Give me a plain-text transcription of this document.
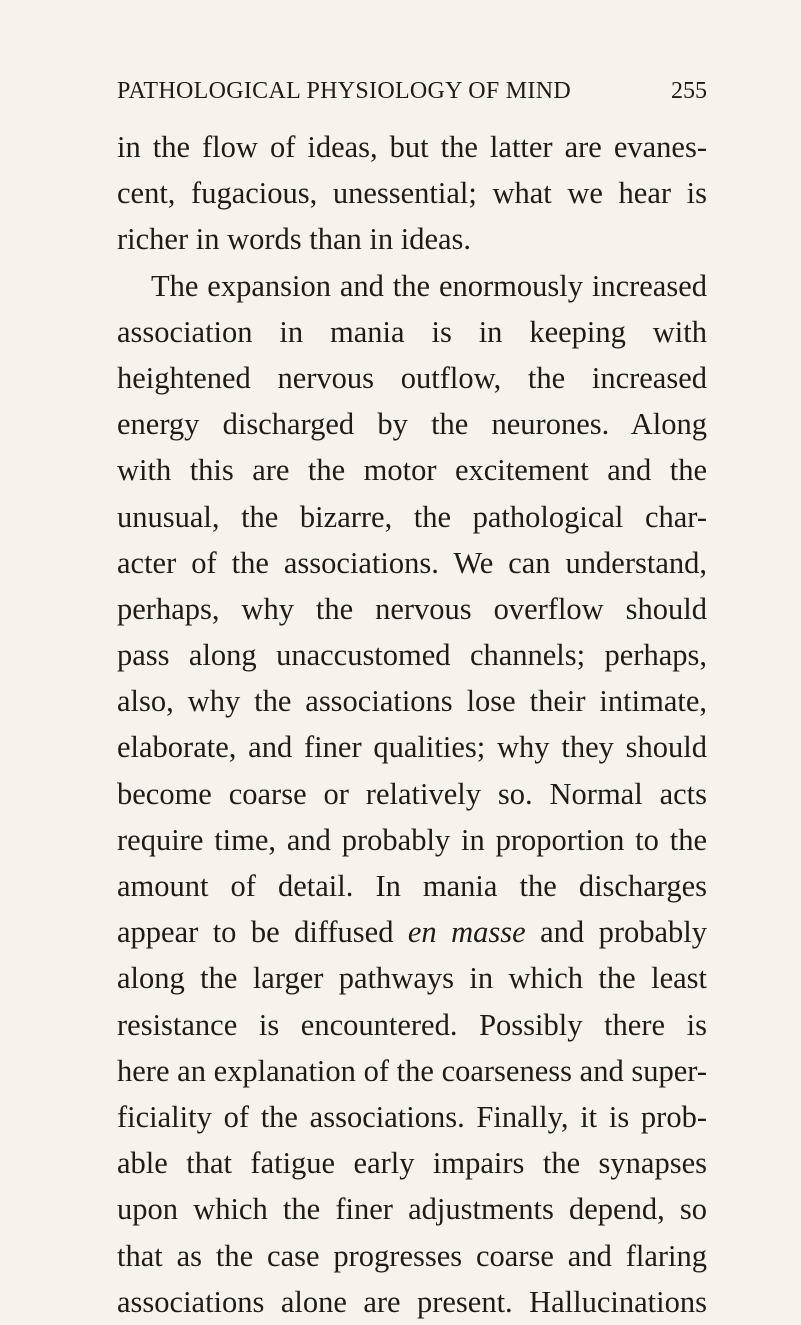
PATHOLOGICAL PHYSIOLOGY OF MIND	255
in the flow of ideas, but the latter are evanes-
cent, fugacious, unessential; what we hear is
richer in words than in ideas.
The expansion and the enormously increased
association in mania is in keeping with
heightened nervous outflow, the increased
energy discharged by the neurones. Along
with this are the motor excitement and the
unusual, the bizarre, the pathological char-
acter of the associations. We can understand,
perhaps, why the nervous overflow should
pass along unaccustomed channels; perhaps,
also, why the associations lose their intimate,
elaborate, and finer qualities; why they should
become coarse or relatively so. Normal acts
require time, and probably in proportion to the
amount of detail. In mania the discharges
appear to be diffused en masse and probably
along the larger pathways in which the least
resistance is encountered. Possibly there is
here an explanation of the coarseness and super-
ficiality of the associations. Finally, it is prob-
able that fatigue early impairs the synapses
upon which the finer adjustments depend, so
that as the case progresses coarse and flaring
associations alone are present. Hallucinations
